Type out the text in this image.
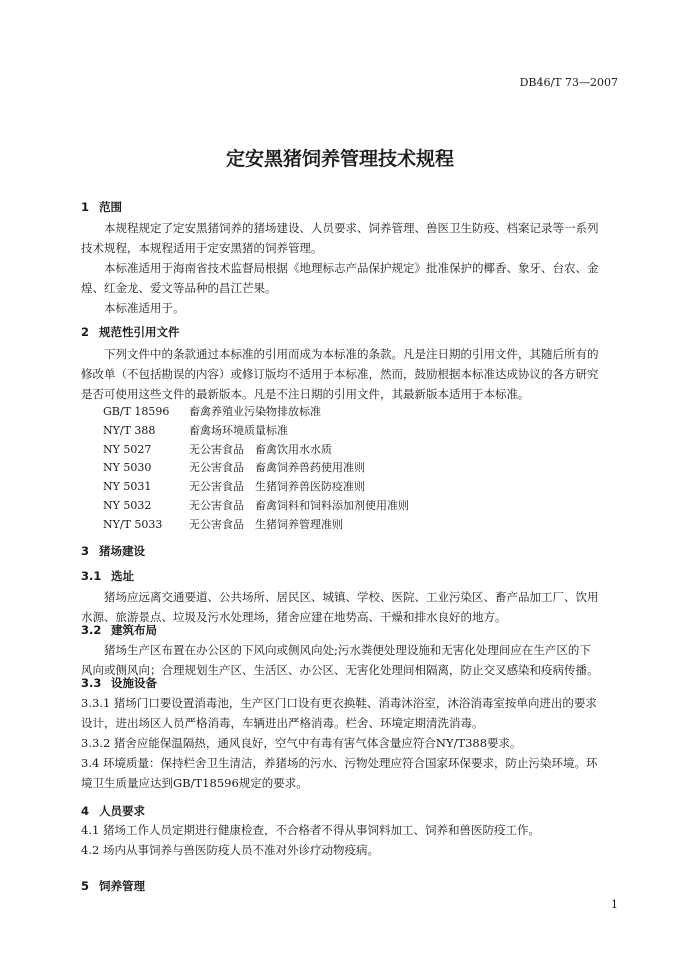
DB46/T 73—2007
定安黑猪饲养管理技术规程
1 范围
　　本规程规定了定安黑猪饲养的猪场建设、人员要求、饲养管理、兽医卫生防疫、档案记录等一系列
技术规程，本规程适用于定安黑猪的饲养管理。
　　本标准适用于海南省技术监督局根据《地理标志产品保护规定》批准保护的椰香、象牙、台农、金
煌、红金龙、爱文等品种的昌江芒果。
　　本标准适用于。
2 规范性引用文件
　　下列文件中的条款通过本标准的引用而成为本标准的条款。凡是注日期的引用文件，其随后所有的
修改单（不包括勘误的内容）或修订版均不适用于本标准，然而，鼓励根据本标准达成协议的各方研究
是否可使用这些文件的最新版本。凡是不注日期的引用文件，其最新版本适用于本标准。
GB/T 18596 畜禽养殖业污染物排放标准
NY/T 388	畜禽场环境质量标准
NY 5027	无公害食品　畜禽饮用水水质
NY 5030	无公害食品　畜禽饲养兽药使用准则
NY 5031	无公害食品　生猪饲养兽医防疫准则
NY 5032	无公害食品　畜禽饲料和饲料添加剂使用准则
NY/T 5033 无公害食品　生猪饲养管理准则
3 猪场建设
3.1 选址
　　猪场应远离交通要道、公共场所、居民区、城镇、学校、医院、工业污染区、畜产品加工厂、饮用
水源、旅游景点、垃圾及污水处理场，猪舍应建在地势高、干燥和排水良好的地方。
3.2 建筑布局
　　猪场生产区布置在办公区的下风向或侧风向处;污水粪便处理设施和无害化处理间应在生产区的下
风向或侧风向；合理规划生产区、生活区、办公区、无害化处理间相隔离，防止交叉感染和疫病传播。
3.3 设施设备
3.3.1 猪场门口要设置消毒池，生产区门口设有更衣换鞋、消毒沐浴室，沐浴消毒室按单向进出的要求
设计，进出场区人员严格消毒，车辆进出严格消毒。栏舍、环境定期清洗消毒。
3.3.2 猪舍应能保温隔热，通风良好，空气中有毒有害气体含量应符合NY/T388要求。
3.4 环境质量：保持栏舍卫生清洁，养猪场的污水、污物处理应符合国家环保要求，防止污染环境。环
境卫生质量应达到GB/T18596规定的要求。
4 人员要求
4.1 猪场工作人员定期进行健康检查，不合格者不得从事饲料加工、饲养和兽医防疫工作。
4.2 场内从事饲养与兽医防疫人员不准对外诊疗动物疫病。
5 饲养管理
1
